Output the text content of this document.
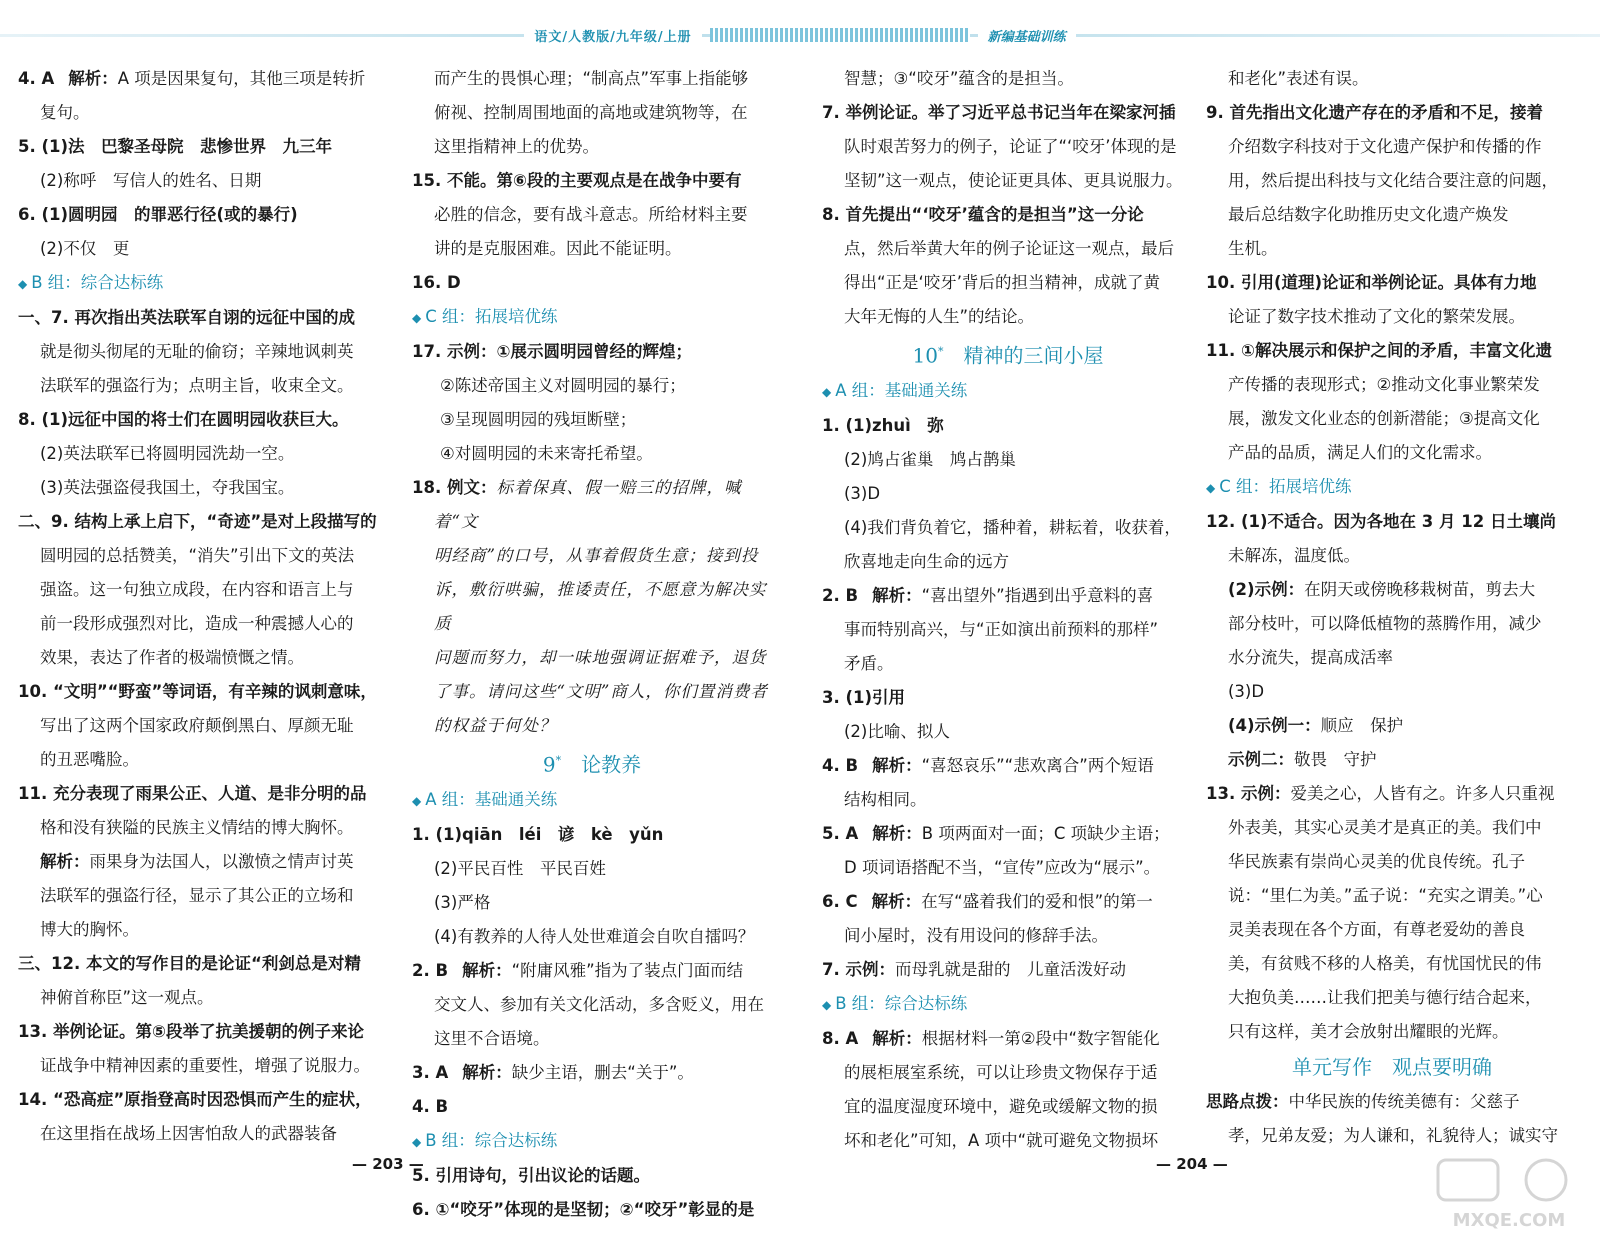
语文/人教版/九年级/上册	新编基础训练
4. A 解析：A 项是因果复句，其他三项是转折
复句。
5. (1)法　巴黎圣母院　悲惨世界　九三年
(2)称呼　写信人的姓名、日期
6. (1)圆明园　的罪恶行径(或的暴行)
(2)不仅　更
◆ B 组：综合达标练
一、7. 再次指出英法联军自诩的远征中国的成
就是彻头彻尾的无耻的偷窃；辛辣地讽刺英
法联军的强盗行为；点明主旨，收束全文。
8. (1)远征中国的将士们在圆明园收获巨大。
(2)英法联军已将圆明园洗劫一空。
(3)英法强盗侵我国土，夺我国宝。
二、9. 结构上承上启下，“奇迹”是对上段描写的
圆明园的总括赞美，“消失”引出下文的英法
强盗。这一句独立成段，在内容和语言上与
前一段形成强烈对比，造成一种震撼人心的
效果，表达了作者的极端愤慨之情。
10. “文明”“野蛮”等词语，有辛辣的讽刺意味，
写出了这两个国家政府颠倒黑白、厚颜无耻
的丑恶嘴脸。
11. 充分表现了雨果公正、人道、是非分明的品
格和没有狭隘的民族主义情结的博大胸怀。
解析：雨果身为法国人，以激愤之情声讨英
法联军的强盗行径，显示了其公正的立场和
博大的胸怀。
三、12. 本文的写作目的是论证“利剑总是对精
神俯首称臣”这一观点。
13. 举例论证。第⑤段举了抗美援朝的例子来论
证战争中精神因素的重要性，增强了说服力。
14. “恐高症”原指登高时因恐惧而产生的症状，
在这里指在战场上因害怕敌人的武器装备
而产生的畏惧心理；“制高点”军事上指能够
俯视、控制周围地面的高地或建筑物等，在
这里指精神上的优势。
15. 不能。第⑥段的主要观点是在战争中要有
必胜的信念，要有战斗意志。所给材料主要
讲的是克服困难。因此不能证明。
16. D
◆ C 组：拓展培优练
17. 示例：①展示圆明园曾经的辉煌；
②陈述帝国主义对圆明园的暴行；
③呈现圆明园的残垣断壁；
④对圆明园的未来寄托希望。
18. 例文：标着保真、假一赔三的招牌，喊着“文
明经商”的口号，从事着假货生意；接到投
诉，敷衍哄骗，推诿责任，不愿意为解决实质
问题而努力，却一味地强调证据难予，退货
了事。请问这些“文明”商人，你们置消费者
的权益于何处？
9*　 论教养
◆ A 组：基础通关练
1. (1)qiān　léi　谚　kè　yǔn
(2)平民百性　平民百姓
(3)严格
(4)有教养的人待人处世难道会自吹自擂吗？
2. B 解析：“附庸风雅”指为了装点门面而结
交文人、参加有关文化活动，多含贬义，用在
这里不合语境。
3. A 解析：缺少主语，删去“关于”。
4. B
◆ B 组：综合达标练
5. 引用诗句，引出议论的话题。
6. ①“咬牙”体现的是坚韧；②“咬牙”彰显的是
智慧；③“咬牙”蕴含的是担当。
7. 举例论证。举了习近平总书记当年在梁家河插
队时艰苦努力的例子，论证了“‘咬牙’体现的是
坚韧”这一观点，使论证更具体、更具说服力。
8. 首先提出“‘咬牙’蕴含的是担当”这一分论
点，然后举黄大年的例子论证这一观点，最后
得出“正是‘咬牙’背后的担当精神，成就了黄
大年无悔的人生”的结论。
10*　 精神的三间小屋
◆ A 组：基础通关练
1. (1)zhuì　弥
(2)鸠占雀巢　鸠占鹊巢
(3)D
(4)我们背负着它，播种着，耕耘着，收获着，
欣喜地走向生命的远方
2. B 解析：“喜出望外”指遇到出乎意料的喜
事而特别高兴，与“正如演出前预料的那样”
矛盾。
3. (1)引用
(2)比喻、拟人
4. B 解析：“喜怒哀乐”“悲欢离合”两个短语
结构相同。
5. A 解析：B 项两面对一面；C 项缺少主语；
D 项词语搭配不当，“宣传”应改为“展示”。
6. C 解析：在写“盛着我们的爱和恨”的第一
间小屋时，没有用设问的修辞手法。
7. 示例：而母乳就是甜的　儿童活泼好动
◆ B 组：综合达标练
8. A 解析：根据材料一第②段中“数字智能化
的展柜展室系统，可以让珍贵文物保存于适
宜的温度湿度环境中，避免或缓解文物的损
坏和老化”可知，A 项中“就可避免文物损坏
和老化”表述有误。
9. 首先指出文化遗产存在的矛盾和不足，接着
介绍数字科技对于文化遗产保护和传播的作
用，然后提出科技与文化结合要注意的问题，
最后总结数字化助推历史文化遗产焕发
生机。
10. 引用(道理)论证和举例论证。具体有力地
论证了数字技术推动了文化的繁荣发展。
11. ①解决展示和保护之间的矛盾，丰富文化遗
产传播的表现形式；②推动文化事业繁荣发
展，激发文化业态的创新潜能；③提高文化
产品的品质，满足人们的文化需求。
◆ C 组：拓展培优练
12. (1)不适合。因为各地在 3 月 12 日土壤尚
未解冻，温度低。
(2)示例：在阴天或傍晚移栽树苗，剪去大
部分枝叶，可以降低植物的蒸腾作用，减少
水分流失，提高成活率
(3)D
(4)示例一：顺应　保护
示例二：敬畏　守护
13. 示例：爱美之心，人皆有之。许多人只重视
外表美，其实心灵美才是真正的美。我们中
华民族素有崇尚心灵美的优良传统。孔子
说：“里仁为美。”孟子说：“充实之谓美。”心
灵美表现在各个方面，有尊老爱幼的善良
美，有贫贱不移的人格美，有忧国忧民的伟
大抱负美……让我们把美与德行结合起来，
只有这样，美才会放射出耀眼的光辉。
单元写作　观点要明确
思路点拨：中华民族的传统美德有：父慈子
孝，兄弟友爱；为人谦和，礼貌待人；诚实守
— 203 —	— 204 —
MXQE.COM
